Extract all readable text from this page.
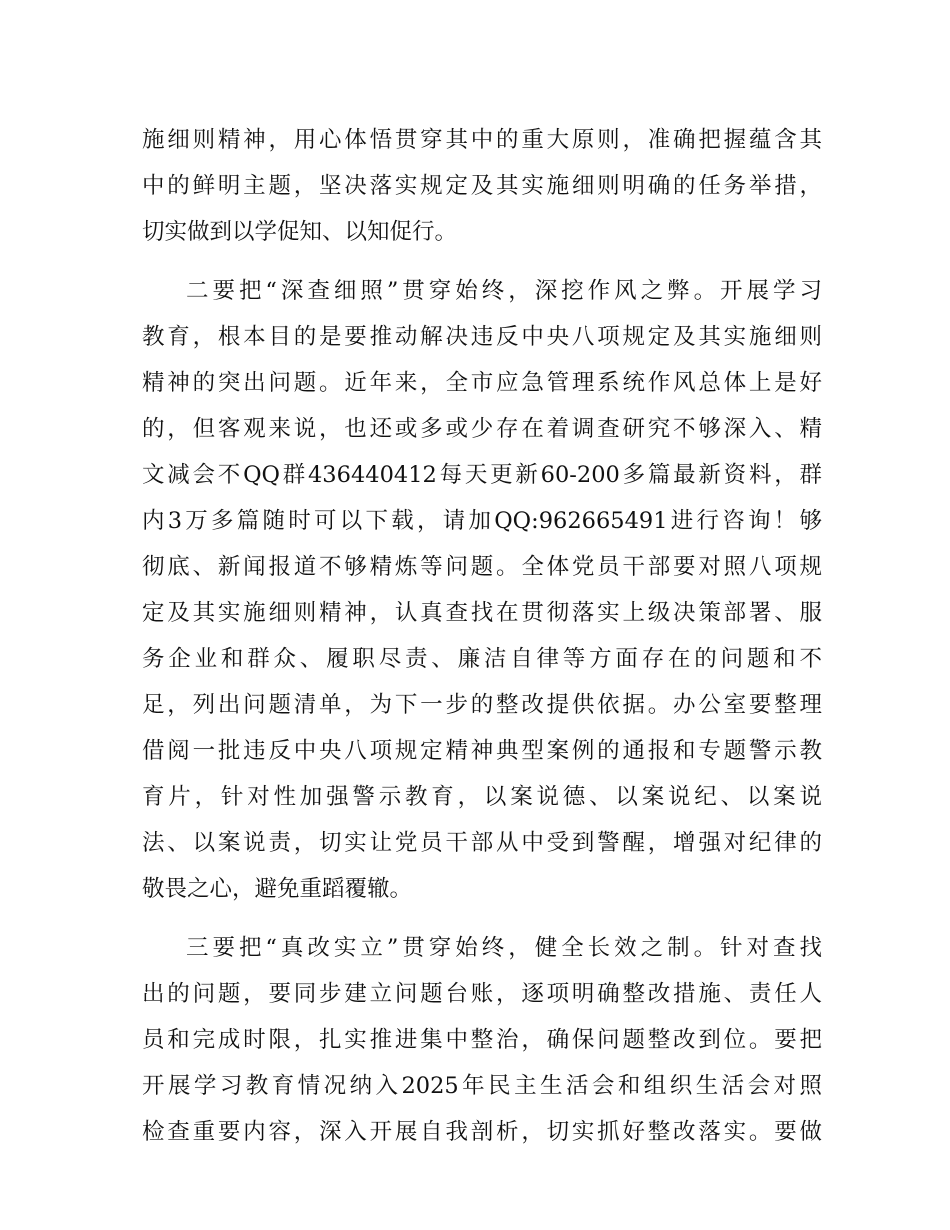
施细则精神，用心体悟贯穿其中的重大原则，准确把握蕴含其
中的鲜明主题，坚决落实规定及其实施细则明确的任务举措，
切实做到以学促知、以知促行。
二要把“深查细照”贯穿始终，深挖作风之弊。开展学习
教育，根本目的是要推动解决违反中央八项规定及其实施细则
精神的突出问题。近年来，全市应急管理系统作风总体上是好
的，但客观来说，也还或多或少存在着调查研究不够深入、精
文减会不QQ群436440412每天更新60-200多篇最新资料，群
内3万多篇随时可以下载，请加QQ:962665491进行咨询！够
彻底、新闻报道不够精炼等问题。全体党员干部要对照八项规
定及其实施细则精神，认真查找在贯彻落实上级决策部署、服
务企业和群众、履职尽责、廉洁自律等方面存在的问题和不
足，列出问题清单，为下一步的整改提供依据。办公室要整理
借阅一批违反中央八项规定精神典型案例的通报和专题警示教
育片，针对性加强警示教育，以案说德、以案说纪、以案说
法、以案说责，切实让党员干部从中受到警醒，增强对纪律的
敬畏之心，避免重蹈覆辙。
三要把“真改实立”贯穿始终，健全长效之制。针对查找
出的问题，要同步建立问题台账，逐项明确整改措施、责任人
员和完成时限，扎实推进集中整治，确保问题整改到位。要把
开展学习教育情况纳入2025年民主生活会和组织生活会对照
检查重要内容，深入开展自我剖析，切实抓好整改落实。要做
